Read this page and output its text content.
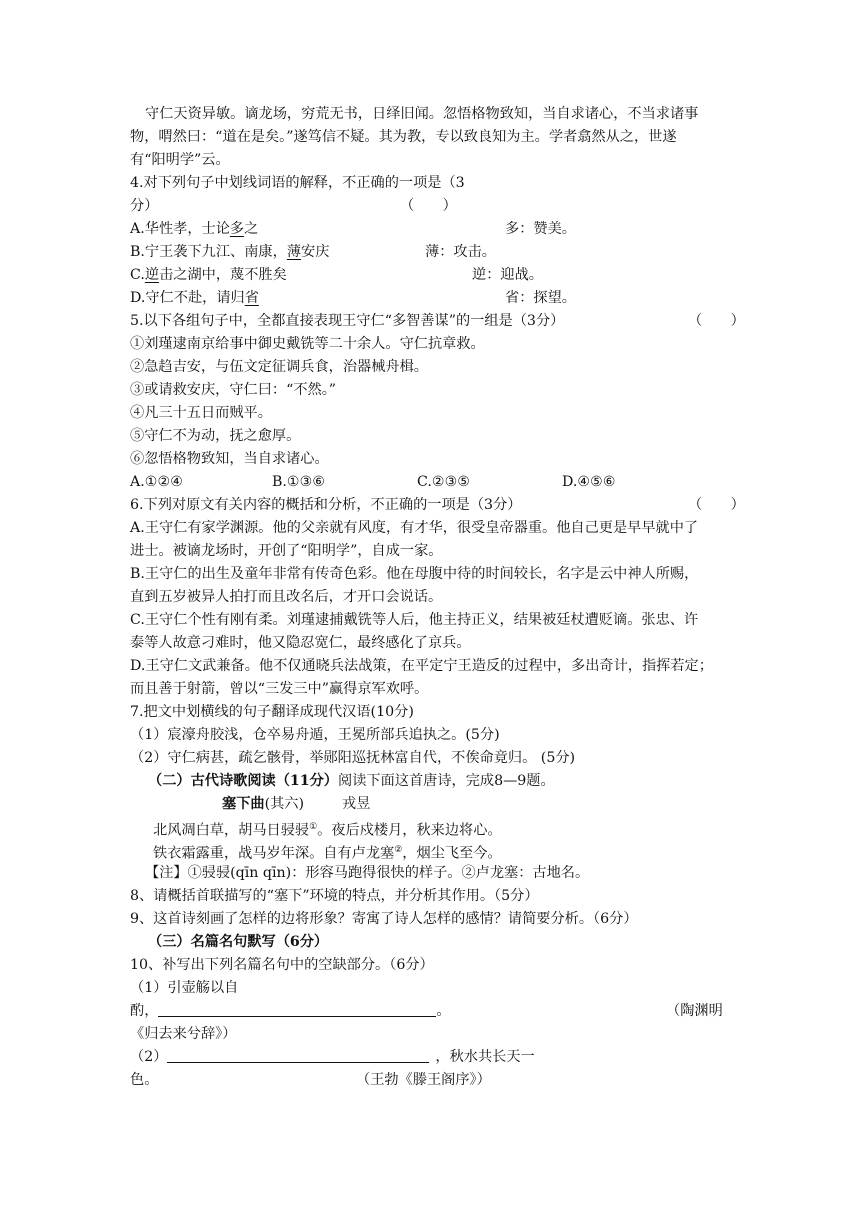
守仁天资异敏。谪龙场，穷荒无书，日绎旧闻。忽悟格物致知，当自求诸心，不当求诸事
物，喟然曰：“道在是矣。”遂笃信不疑。其为教，专以致良知为主。学者翕然从之，世遂
有“阳明学”云。
4.对下列句子中划线词语的解释，不正确的一项是（3
分）	（　　）
A.华性孝，士论多之	多：赞美。
B.宁王袭下九江、南康，薄安庆	薄：攻击。
C.逆击之湖中，蔑不胜矣	逆：迎战。
D.守仁不赴，请归省	省：探望。
5.以下各组句子中，全都直接表现王守仁“多智善谋”的一组是（3分）	（　　）
①刘瑾逮南京给事中御史戴铣等二十余人。守仁抗章救。
②急趋吉安，与伍文定征调兵食，治器械舟楫。
③或请救安庆，守仁曰：“不然。”
④凡三十五日而贼平。
⑤守仁不为动，抚之愈厚。
⑥忽悟格物致知，当自求诸心。
A.①②④	B.①③⑥	C.②③⑤	D.④⑤⑥
6.下列对原文有关内容的概括和分析，不正确的一项是（3分）	（　　）
A.王守仁有家学渊源。他的父亲就有风度，有才华，很受皇帝器重。他自己更是早早就中了
进士。被谪龙场时，开创了“阳明学”，自成一家。
B.王守仁的出生及童年非常有传奇色彩。他在母腹中待的时间较长，名字是云中神人所赐，
直到五岁被异人拍打而且改名后，才开口会说话。
C.王守仁个性有刚有柔。刘瑾逮捕戴铣等人后，他主持正义，结果被廷杖遭贬谪。张忠、许
泰等人故意刁难时，他又隐忍宽仁，最终感化了京兵。
D.王守仁文武兼备。他不仅通晓兵法战策，在平定宁王造反的过程中，多出奇计，指挥若定；
而且善于射箭，曾以“三发三中”赢得京军欢呼。
7.把文中划横线的句子翻译成现代汉语(10分)
（1）宸濠舟胶浅，仓卒易舟遁，王冕所部兵追执之。(5分)
（2）守仁病甚，疏乞骸骨，举郧阳巡抚林富自代，不俟命竟归。 (5分)
（二）古代诗歌阅读（11分）阅读下面这首唐诗，完成8—9题。
塞下曲(其六)	戎昱
北风凋白草，胡马日骎骎①。夜后戍楼月，秋来边将心。
铁衣霜露重，战马岁年深。自有卢龙塞②，烟尘飞至今。
【注】①骎骎(qīn qīn)：形容马跑得很快的样子。②卢龙塞：古地名。
8、请概括首联描写的“塞下”环境的特点，并分析其作用。（5分）
9、这首诗刻画了怎样的边将形象？寄寓了诗人怎样的感情？请简要分析。（6分）
（三）名篇名句默写（6分）
10、补写出下列名篇名句中的空缺部分。（6分）
（1）引壶觞以自
酌，	。	（陶渊明
《归去来兮辞》）
（2）	，秋水共长天一
色。	（王勃《滕王阁序》）
